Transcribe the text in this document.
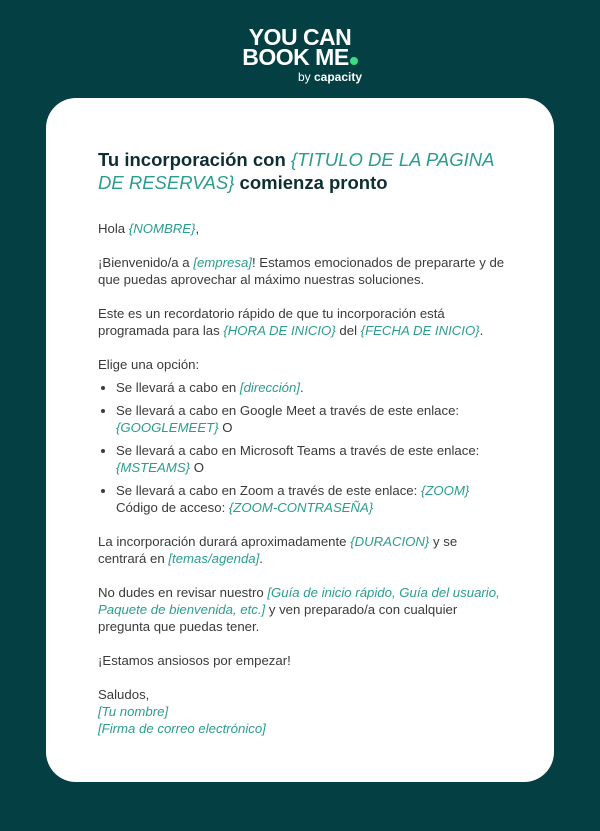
YOU CAN
BOOK ME
by capacity
Tu incorporación con {TITULO DE LA PAGINA DE RESERVAS} comienza pronto

Hola {NOMBRE},

¡Bienvenido/a a [empresa]! Estamos emocionados de prepararte y de que puedas aprovechar al máximo nuestras soluciones.

Este es un recordatorio rápido de que tu incorporación está programada para las {HORA DE INICIO} del {FECHA DE INICIO}.

Elige una opción:

• Se llevará a cabo en [dirección].
• Se llevará a cabo en Google Meet a través de este enlace: {GOOGLEMEET} O
• Se llevará a cabo en Microsoft Teams a través de este enlace: {MSTEAMS} O
• Se llevará a cabo en Zoom a través de este enlace: {ZOOM} Código de acceso: {ZOOM-CONTRASEÑA}

La incorporación durará aproximadamente {DURACION} y se centrará en [temas/agenda].

No dudes en revisar nuestro [Guía de inicio rápido, Guía del usuario, Paquete de bienvenida, etc.] y ven preparado/a con cualquier pregunta que puedas tener.

¡Estamos ansiosos por empezar!

Saludos,
[Tu nombre]
[Firma de correo electrónico]
